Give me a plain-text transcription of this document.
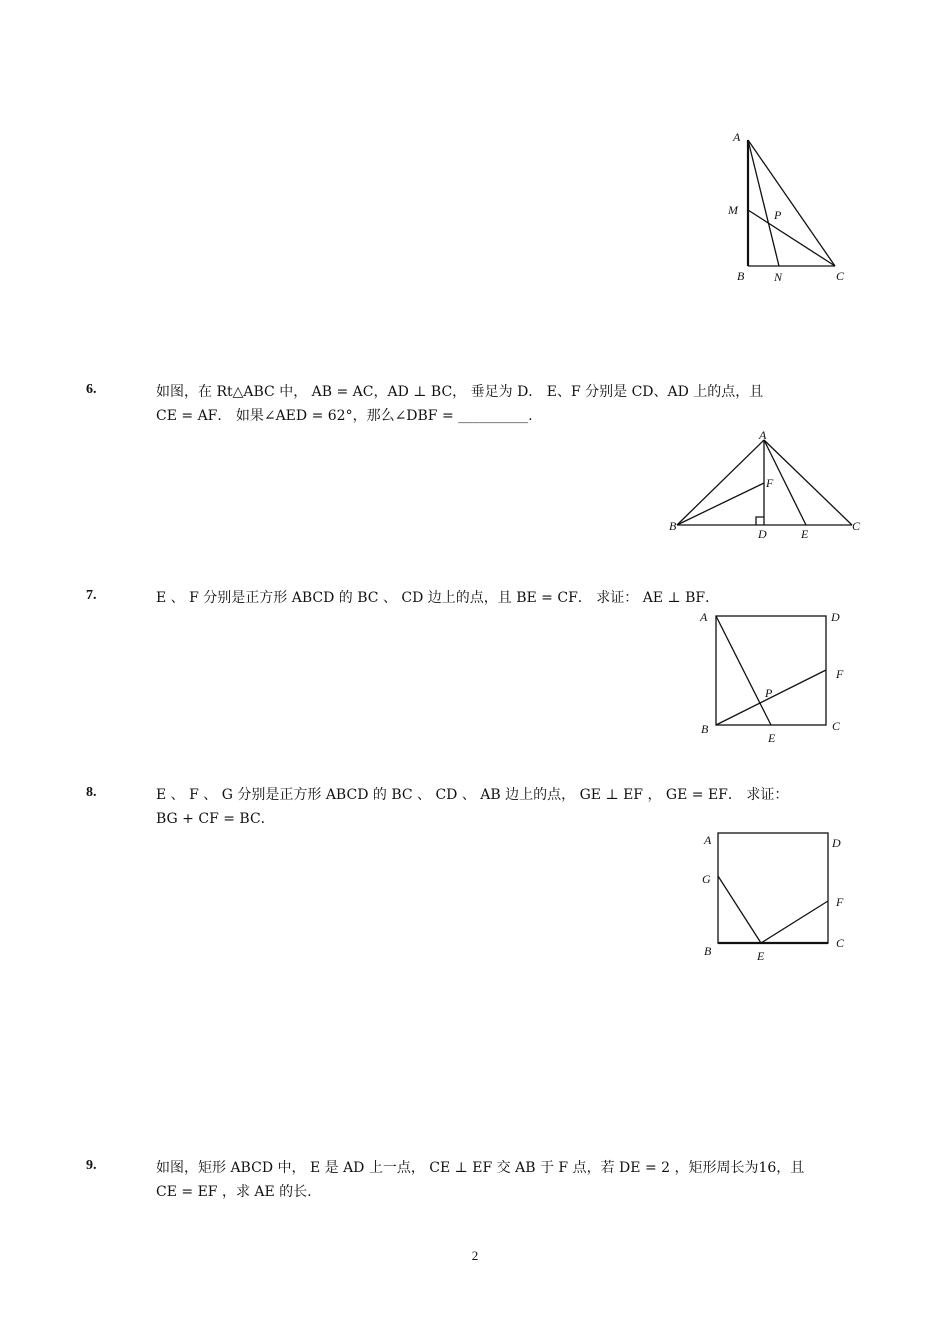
A
M	P
B N	C
6.	如图，在 Rt△ABC 中， AB = AC，AD ⊥ BC， 垂足为 D． E、F 分别是 CD、AD 上的点，且
CE = AF． 如果∠AED = 62°，那么∠DBF = __________.
A
F
B
D	E
C
7.	E 、 F 分别是正方形 ABCD 的 BC 、 CD 边上的点，且 BE = CF． 求证： AE ⊥ BF．
A	D
F
P
B
E
C
8.	E 、 F 、 G 分别是正方形 ABCD 的 BC 、 CD 、 AB 边上的点， GE ⊥ EF ， GE = EF． 求证：
BG + CF = BC．
A	D
G
F
B	E
C
9.	如图，矩形 ABCD 中， E 是 AD 上一点， CE ⊥ EF 交 AB 于 F 点，若 DE = 2 ，矩形周长为16，且
CE = EF ，求 AE 的长.
2
